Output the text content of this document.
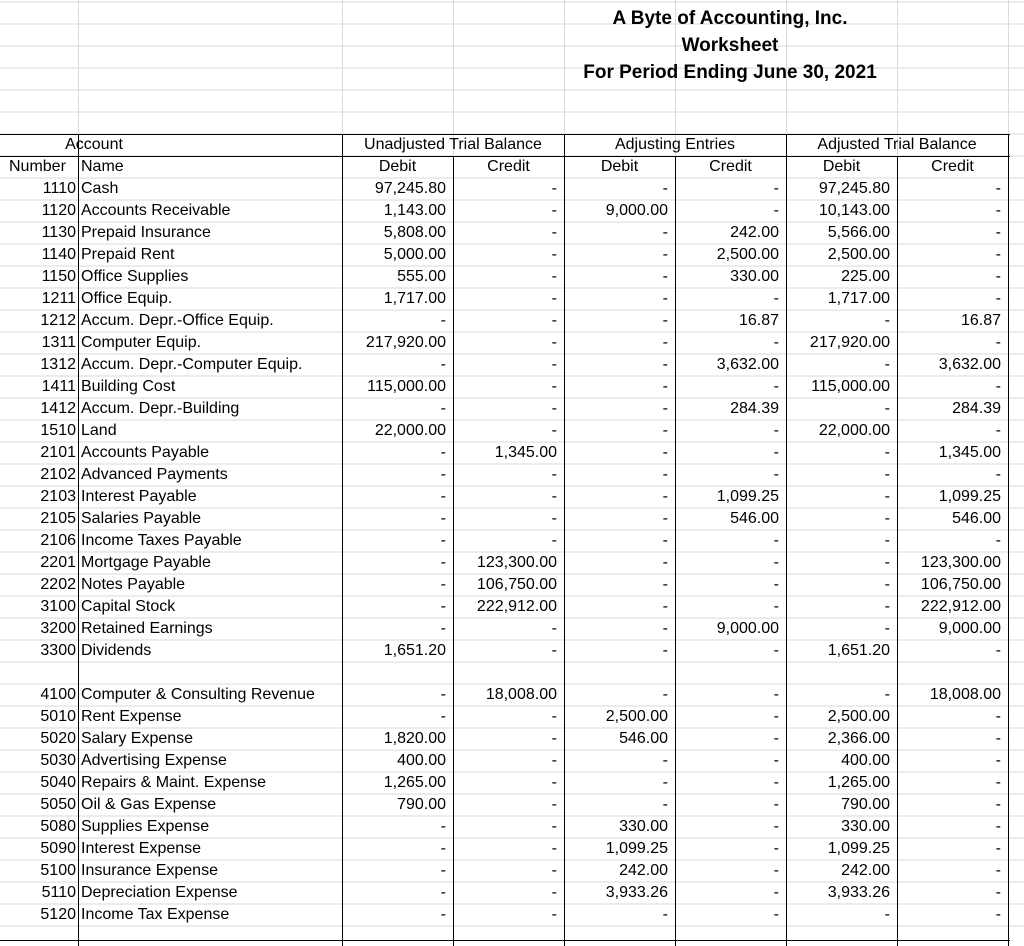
A Byte of Accounting, Inc.
Worksheet
For Period Ending June 30, 2021
Account	Unadjusted Trial Balance	Adjusting Entries	Adjusted Trial Balance
Number Name	Debit	Credit	Debit	Credit	Debit	Credit
1110 Cash	97,245.80	-	-	-	97,245.80	-
1120 Accounts Receivable	1,143.00	-	9,000.00	-	10,143.00	-
1130 Prepaid Insurance	5,808.00	-	-	242.00	5,566.00	-
1140 Prepaid Rent	5,000.00	-	-	2,500.00	2,500.00	-
1150 Office Supplies	555.00	-	-	330.00	225.00	-
1211 Office Equip.	1,717.00	-	-	-	1,717.00	-
1212 Accum. Depr.-Office Equip.	-	-	-	16.87	-	16.87
1311 Computer Equip.	217,920.00	-	-	-	217,920.00	-
1312 Accum. Depr.-Computer Equip.	-	-	-	3,632.00	-	3,632.00
1411 Building Cost	115,000.00	-	-	-	115,000.00	-
1412 Accum. Depr.-Building	-	-	-	284.39	-	284.39
1510 Land	22,000.00	-	-	-	22,000.00	-
2101 Accounts Payable	-	1,345.00	-	-	-	1,345.00
2102 Advanced Payments	-	-	-	-	-	-
2103 Interest Payable	-	-	-	1,099.25	-	1,099.25
2105 Salaries Payable	-	-	-	546.00	-	546.00
2106 Income Taxes Payable	-	-	-	-	-	-
2201 Mortgage Payable	-	123,300.00	-	-	-	123,300.00
2202 Notes Payable	-	106,750.00	-	-	-	106,750.00
3100 Capital Stock	-	222,912.00	-	-	-	222,912.00
3200 Retained Earnings	-	-	-	9,000.00	-	9,000.00
3300 Dividends	1,651.20	-	-	-	1,651.20	-
4100 Computer & Consulting Revenue	-	18,008.00	-	-	-	18,008.00
5010 Rent Expense	-	-	2,500.00	-	2,500.00	-
5020 Salary Expense	1,820.00	-	546.00	-	2,366.00	-
5030 Advertising Expense	400.00	-	-	-	400.00	-
5040 Repairs & Maint. Expense	1,265.00	-	-	-	1,265.00	-
5050 Oil & Gas Expense	790.00	-	-	-	790.00	-
5080 Supplies Expense	-	-	330.00	-	330.00	-
5090 Interest Expense	-	-	1,099.25	-	1,099.25	-
5100 Insurance Expense	-	-	242.00	-	242.00	-
5110 Depreciation Expense	-	-	3,933.26	-	3,933.26	-
5120 Income Tax Expense	-	-	-	-	-	-
